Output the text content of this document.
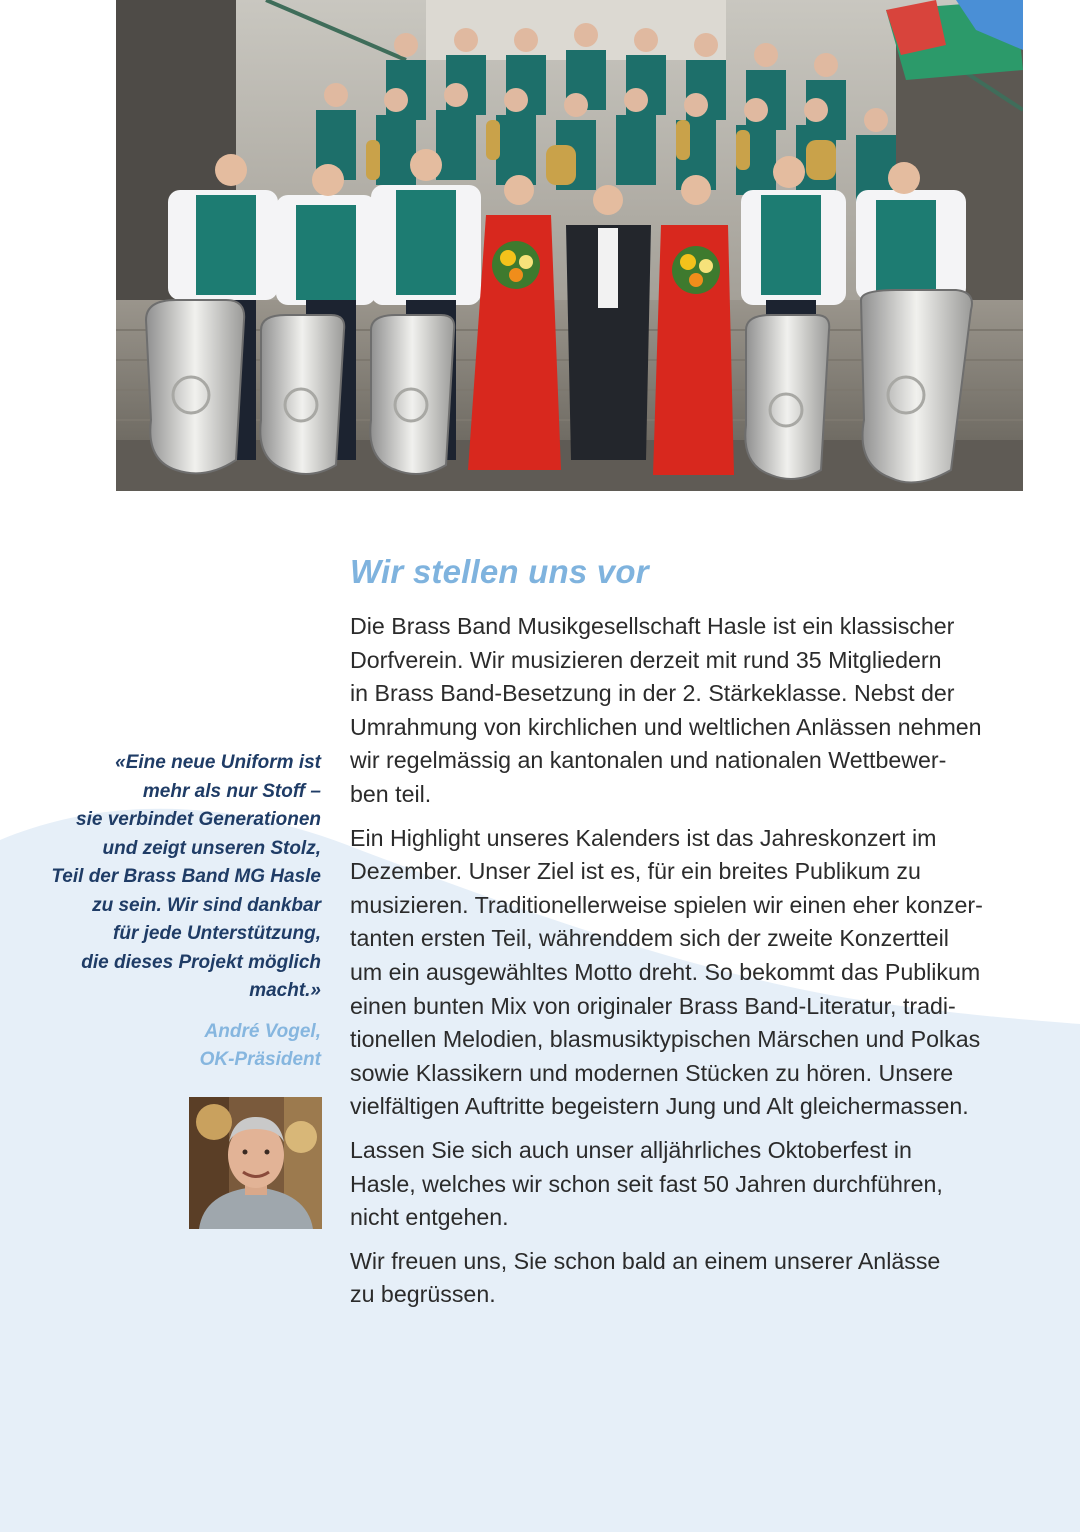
Wir stellen uns vor

Die Brass Band Musikgesellschaft Hasle ist ein klassischer
Dorfverein. Wir musizieren derzeit mit rund 35 Mitgliedern
in Brass Band-Besetzung in der 2. Stärkeklasse. Nebst der
Umrahmung von kirchlichen und weltlichen Anlässen nehmen
wir regelmässig an kantonalen und nationalen Wettbewer-
ben teil.

Ein Highlight unseres Kalenders ist das Jahreskonzert im
Dezember. Unser Ziel ist es, für ein breites Publikum zu
musizieren. Traditionellerweise spielen wir einen eher konzer-
tanten ersten Teil, währenddem sich der zweite Konzertteil
um ein ausgewähltes Motto dreht. So bekommt das Publikum
einen bunten Mix von originaler Brass Band-Literatur, tradi-
tionellen Melodien, blasmusiktypischen Märschen und Polkas
sowie Klassikern und modernen Stücken zu hören. Unsere
vielfältigen Auftritte begeistern Jung und Alt gleichermassen.

Lassen Sie sich auch unser alljährliches Oktoberfest in
Hasle, welches wir schon seit fast 50 Jahren durchführen,
nicht entgehen.

Wir freuen uns, Sie schon bald an einem unserer Anlässe
zu begrüssen.

«Eine neue Uniform ist
mehr als nur Stoff –
sie verbindet Generationen
und zeigt unseren Stolz,
Teil der Brass Band MG Hasle
zu sein. Wir sind dankbar
für jede Unterstützung,
die dieses Projekt möglich
macht.»
André Vogel,
OK-Präsident
